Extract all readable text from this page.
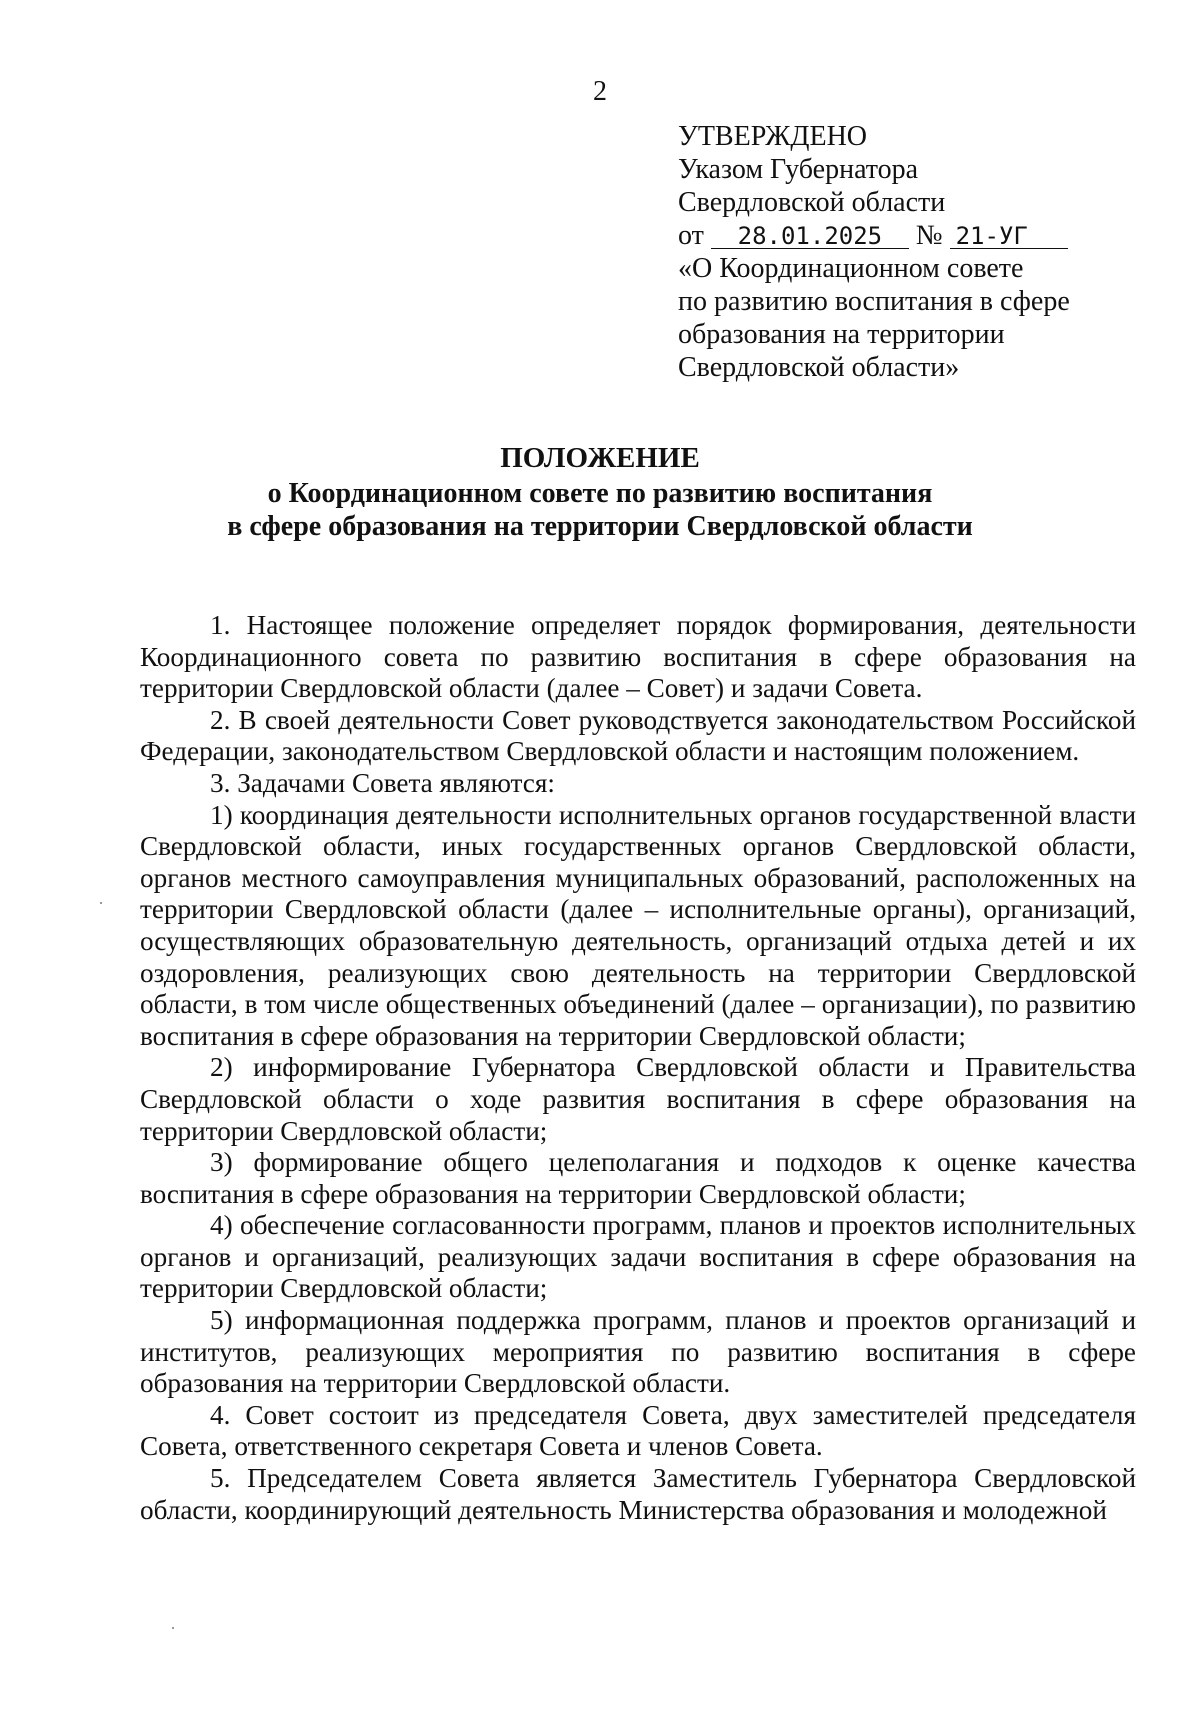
2
УТВЕРЖДЕНО
Указом Губернатора
Свердловской области
от 28.01.2025 № 21-УГ
«О Координационном совете
по развитию воспитания в сфере
образования на территории
Свердловской области»
ПОЛОЖЕНИЕ
о Координационном совете по развитию воспитания
в сфере образования на территории Свердловской области

1. Настоящее положение определяет порядок формирования, деятельности Координационного совета по развитию воспитания в сфере образования на территории Свердловской области (далее – Совет) и задачи Совета.

2. В своей деятельности Совет руководствуется законодательством Российской Федерации, законодательством Свердловской области и настоящим положением.

3. Задачами Совета являются:

1) координация деятельности исполнительных органов государственной власти Свердловской области, иных государственных органов Свердловской области, органов местного самоуправления муниципальных образований, расположенных на территории Свердловской области (далее – исполнительные органы), организаций, осуществляющих образовательную деятельность, организаций отдыха детей и их оздоровления, реализующих свою деятельность на территории Свердловской области, в том числе общественных объединений (далее – организации), по развитию воспитания в сфере образования на территории Свердловской области;

2) информирование Губернатора Свердловской области и Правительства Свердловской области о ходе развития воспитания в сфере образования на территории Свердловской области;

3) формирование общего целеполагания и подходов к оценке качества воспитания в сфере образования на территории Свердловской области;

4) обеспечение согласованности программ, планов и проектов исполнительных органов и организаций, реализующих задачи воспитания в сфере образования на территории Свердловской области;

5) информационная поддержка программ, планов и проектов организаций и институтов, реализующих мероприятия по развитию воспитания в сфере образования на территории Свердловской области.

4. Совет состоит из председателя Совета, двух заместителей председателя Совета, ответственного секретаря Совета и членов Совета.

5. Председателем Совета является Заместитель Губернатора Свердловской области, координирующий деятельность Министерства образования и молодежной
